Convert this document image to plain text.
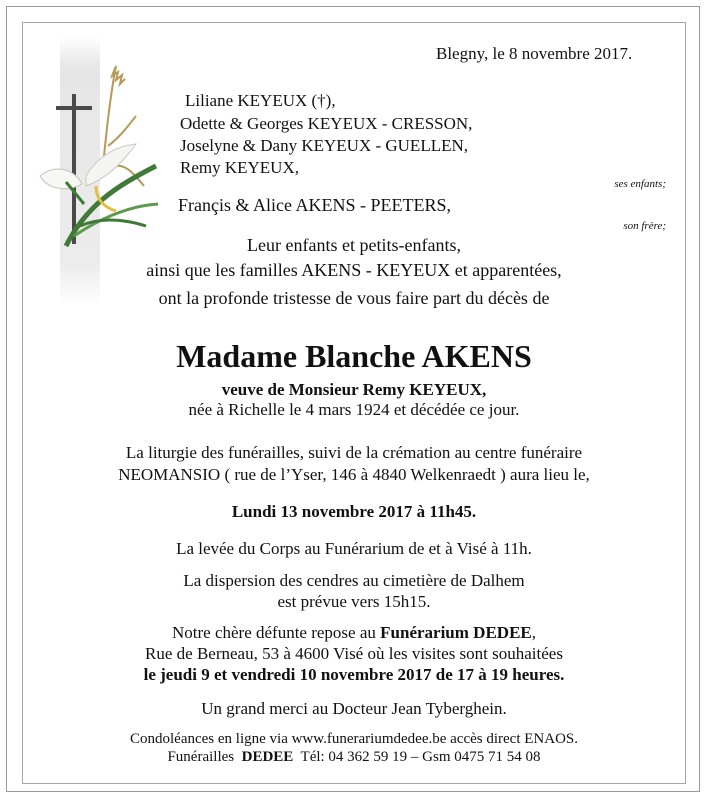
Blegny, le 8 novembre 2017.
Liliane KEYEUX (†),
Odette & Georges KEYEUX - CRESSON,
Joselyne & Dany KEYEUX - GUELLEN,
Remy KEYEUX,
ses enfants;
Françis & Alice AKENS - PEETERS,
son frère;
Leur enfants et petits-enfants,
ainsi que les familles AKENS - KEYEUX et apparentées,
ont la profonde tristesse de vous faire part du décès de
Madame Blanche AKENS
veuve de Monsieur Remy KEYEUX,
née à Richelle le 4 mars 1924 et décédée ce jour.
La liturgie des funérailles, suivi de la crémation au centre funéraire
NEOMANSIO ( rue de l’Yser, 146 à 4840 Welkenraedt ) aura lieu le,
Lundi 13 novembre 2017 à 11h45.
La levée du Corps au Funérarium de et à Visé à 11h.
La dispersion des cendres au cimetière de Dalhem
est prévue vers 15h15.
Notre chère défunte repose au Funérarium DEDEE,
Rue de Berneau, 53 à 4600 Visé où les visites sont souhaitées
le jeudi 9 et vendredi 10 novembre 2017 de 17 à 19 heures.
Un grand merci au Docteur Jean Tyberghein.
Condoléances en ligne via www.funerariumdedee.be accès direct ENAOS.
Funérailles  DEDEE  Tél: 04 362 59 19 – Gsm 0475 71 54 08
